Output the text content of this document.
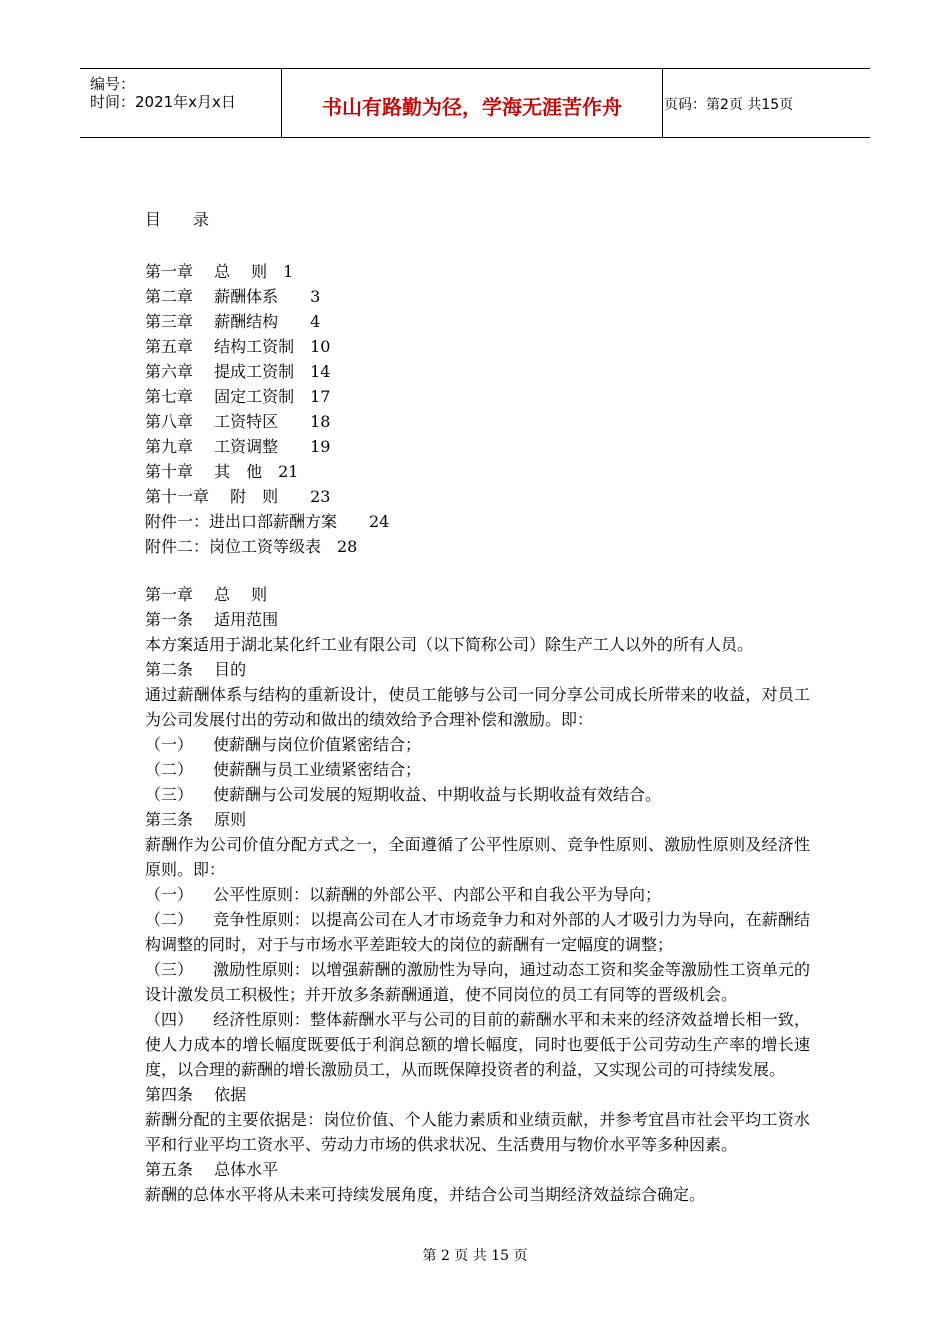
编号：
时间：2021年x月x日	书山有路勤为径，学海无涯苦作舟	页码：第2页 共15页
目　　录
第一章　 总　 则　1
第二章　 薪酬体系　　3
第三章　 薪酬结构　　4
第五章　 结构工资制　10
第六章　 提成工资制　14
第七章　 固定工资制　17
第八章　 工资特区　　18
第九章　 工资调整　　19
第十章　 其　他　21
第十一章　 附　则　　23
附件一：进出口部薪酬方案　　24
附件二：岗位工资等级表　28
第一章　 总　 则
第一条　 适用范围
本方案适用于湖北某化纤工业有限公司（以下简称公司）除生产工人以外的所有人员。
第二条　 目的
通过薪酬体系与结构的重新设计，使员工能够与公司一同分享公司成长所带来的收益，对员工为公司发展付出的劳动和做出的绩效给予合理补偿和激励。即：
（一） 使薪酬与岗位价值紧密结合；
（二） 使薪酬与员工业绩紧密结合；
（三） 使薪酬与公司发展的短期收益、中期收益与长期收益有效结合。
第三条　 原则
薪酬作为公司价值分配方式之一，全面遵循了公平性原则、竞争性原则、激励性原则及经济性原则。即：
（一） 公平性原则：以薪酬的外部公平、内部公平和自我公平为导向；
（二） 竞争性原则：以提高公司在人才市场竞争力和对外部的人才吸引力为导向，在薪酬结构调整的同时，对于与市场水平差距较大的岗位的薪酬有一定幅度的调整；
（三） 激励性原则：以增强薪酬的激励性为导向，通过动态工资和奖金等激励性工资单元的设计激发员工积极性；并开放多条薪酬通道，使不同岗位的员工有同等的晋级机会。
（四） 经济性原则：整体薪酬水平与公司的目前的薪酬水平和未来的经济效益增长相一致，使人力成本的增长幅度既要低于利润总额的增长幅度，同时也要低于公司劳动生产率的增长速度，以合理的薪酬的增长激励员工，从而既保障投资者的利益，又实现公司的可持续发展。
第四条　 依据
薪酬分配的主要依据是：岗位价值、个人能力素质和业绩贡献，并参考宜昌市社会平均工资水平和行业平均工资水平、劳动力市场的供求状况、生活费用与物价水平等多种因素。
第五条　 总体水平
薪酬的总体水平将从未来可持续发展角度，并结合公司当期经济效益综合确定。
第 2 页 共 15 页
